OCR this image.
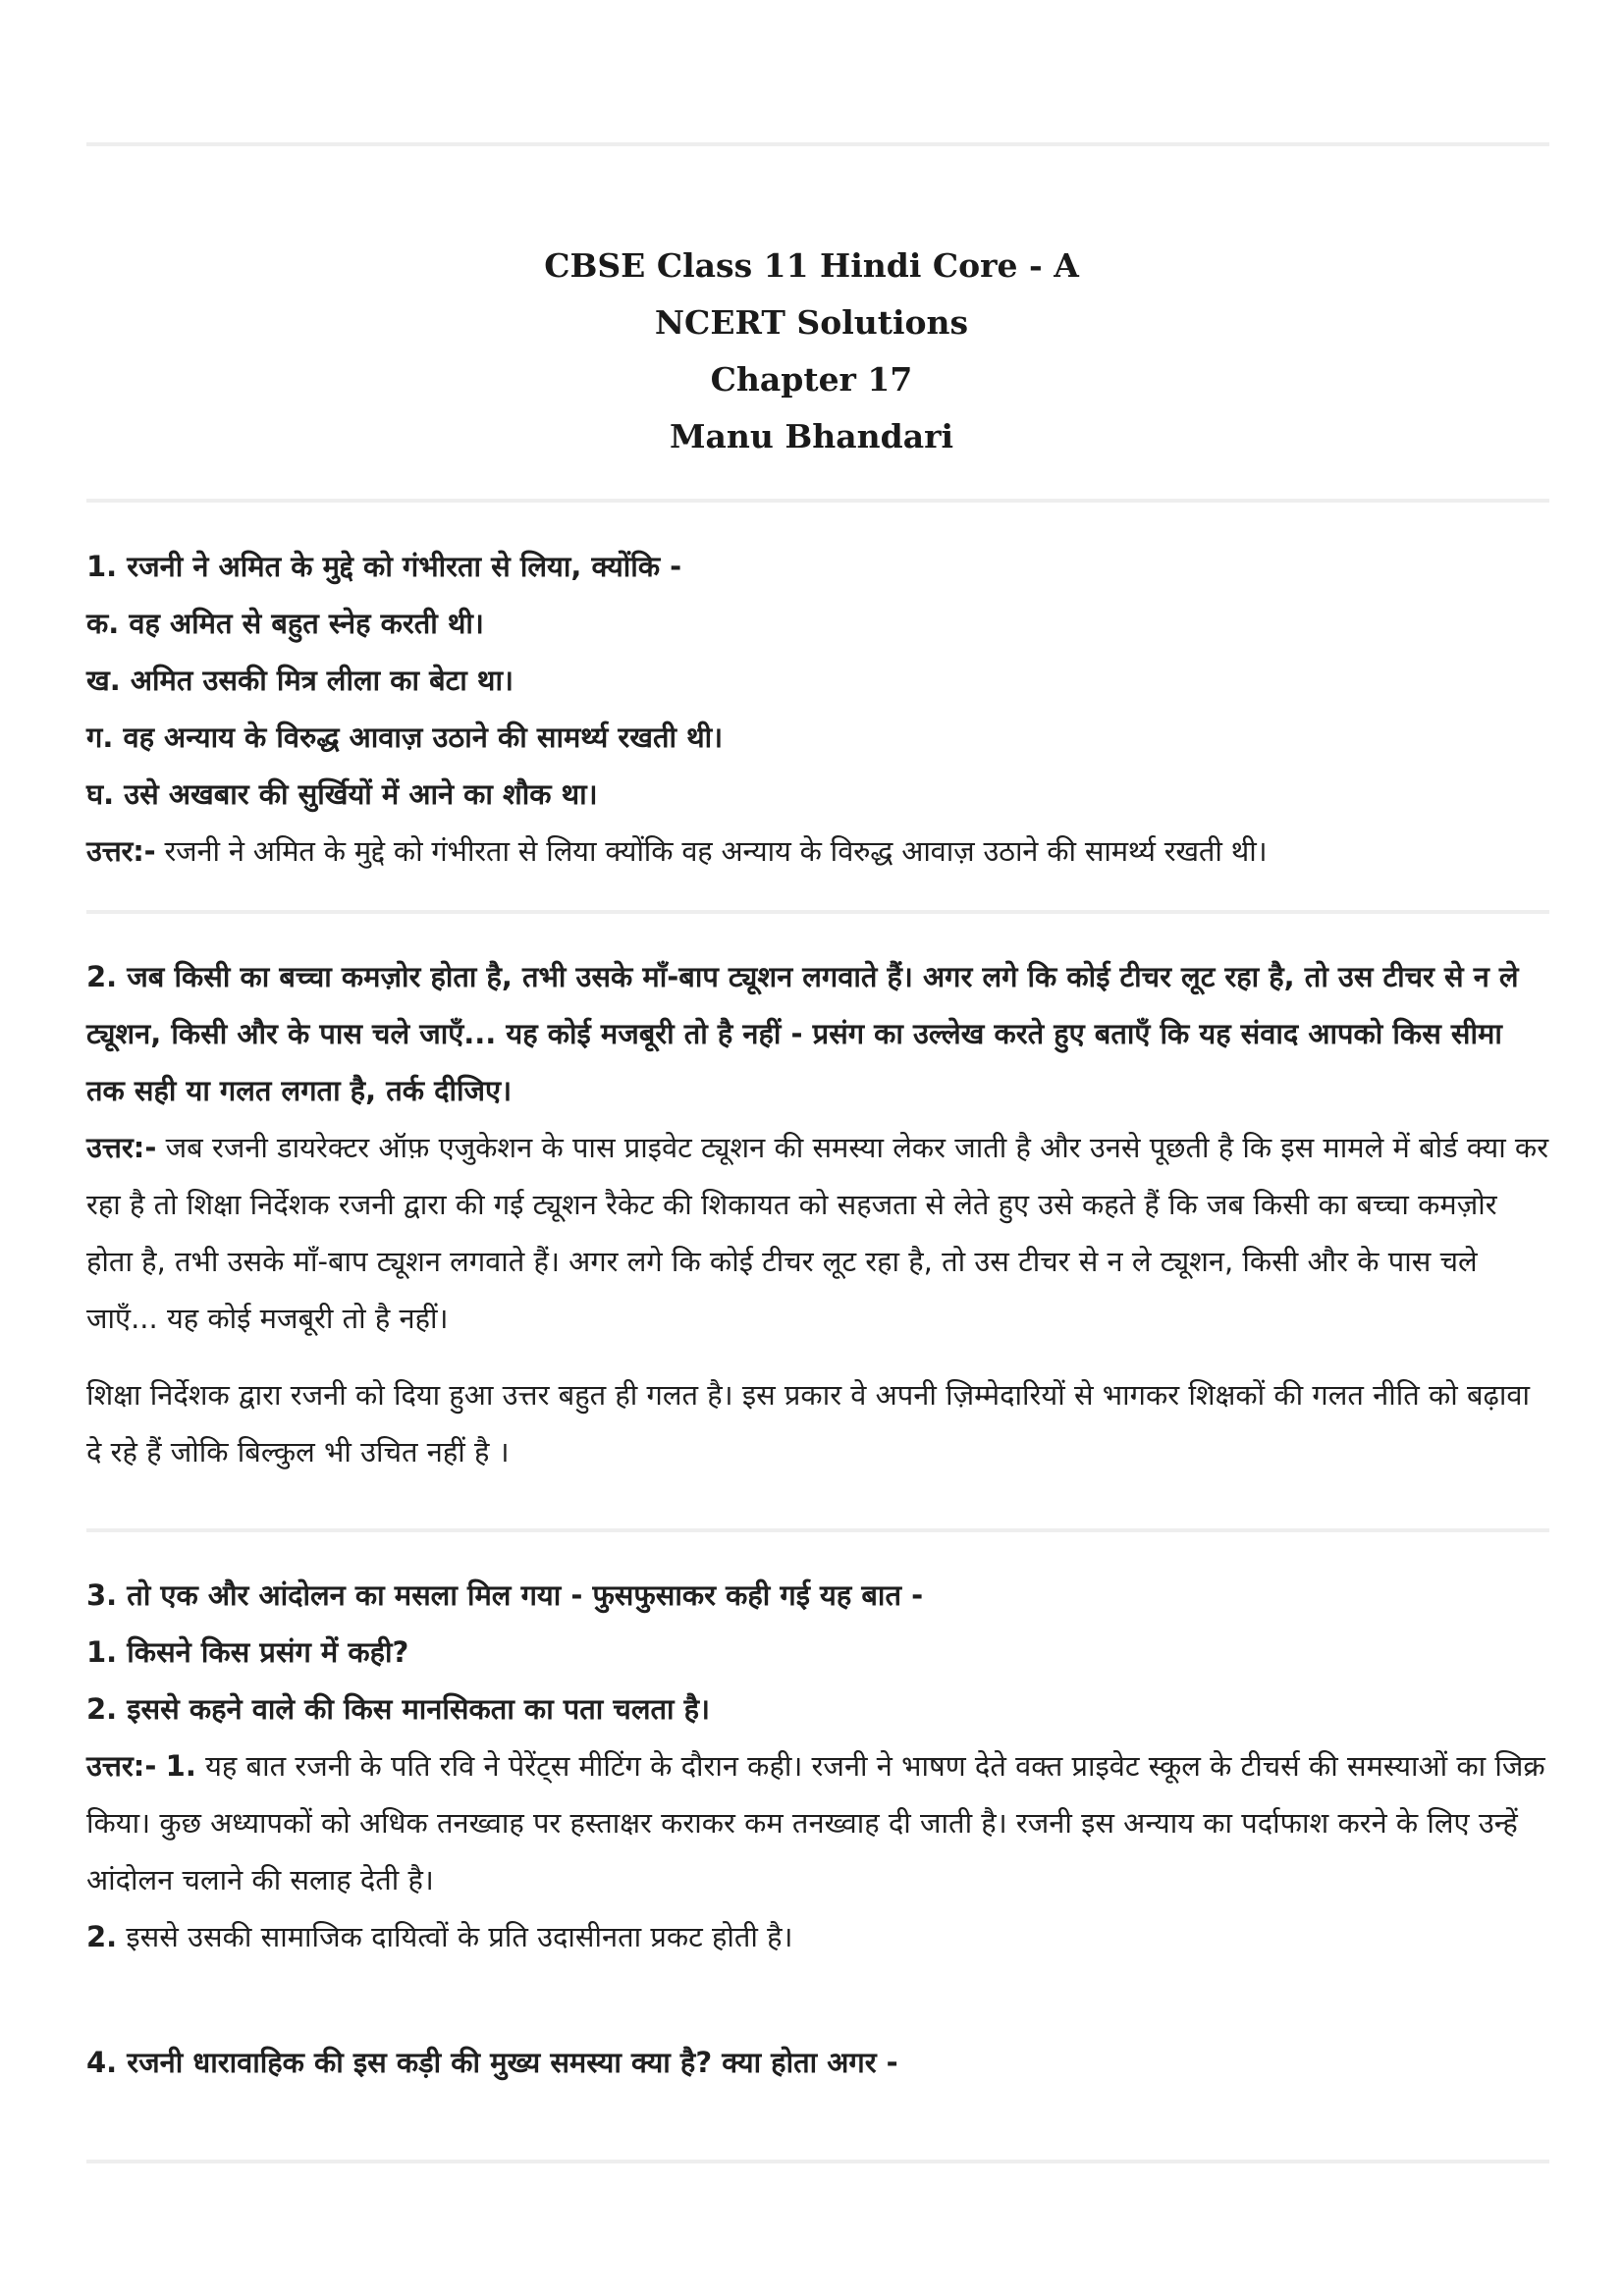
CBSE Class 11 Hindi Core - A
NCERT Solutions
Chapter 17
Manu Bhandari

1. रजनी ने अमित के मुद्दे को गंभीरता से लिया, क्योंकि -

क. वह अमित से बहुत स्नेह करती थी।

ख. अमित उसकी मित्र लीला का बेटा था।

ग. वह अन्याय के विरुद्ध आवाज़ उठाने की सामर्थ्य रखती थी।

घ. उसे अखबार की सुर्खियों में आने का शौक था।

उत्तर:- रजनी ने अमित के मुद्दे को गंभीरता से लिया क्योंकि वह अन्याय के विरुद्ध आवाज़ उठाने की सामर्थ्य रखती थी।

2. जब किसी का बच्चा कमज़ोर होता है, तभी उसके माँ-बाप ट्यूशन लगवाते हैं। अगर लगे कि कोई टीचर लूट रहा है, तो उस टीचर से न ले ट्यूशन, किसी और के पास चले जाएँ... यह कोई मजबूरी तो है नहीं - प्रसंग का उल्लेख करते हुए बताएँ कि यह संवाद आपको किस सीमा तक सही या गलत लगता है, तर्क दीजिए।

उत्तर:- जब रजनी डायरेक्टर ऑफ़ एजुकेशन के पास प्राइवेट ट्यूशन की समस्या लेकर जाती है और उनसे पूछती है कि इस मामले में बोर्ड क्या कर रहा है तो शिक्षा निर्देशक रजनी द्वारा की गई ट्यूशन रैकेट की शिकायत को सहजता से लेते हुए उसे कहते हैं कि जब किसी का बच्चा कमज़ोर होता है, तभी उसके माँ-बाप ट्यूशन लगवाते हैं। अगर लगे कि कोई टीचर लूट रहा है, तो उस टीचर से न ले ट्यूशन, किसी और के पास चले जाएँ... यह कोई मजबूरी तो है नहीं।

शिक्षा निर्देशक द्वारा रजनी को दिया हुआ उत्तर बहुत ही गलत है। इस प्रकार वे अपनी ज़िम्मेदारियों से भागकर शिक्षकों की गलत नीति को बढ़ावा दे रहे हैं जोकि बिल्कुल भी उचित नहीं है ।

3. तो एक और आंदोलन का मसला मिल गया - फुसफुसाकर कही गई यह बात -

1. किसने किस प्रसंग में कही?

2. इससे कहने वाले की किस मानसिकता का पता चलता है।

उत्तर:- 1. यह बात रजनी के पति रवि ने पेरेंट्स मीटिंग के दौरान कही। रजनी ने भाषण देते वक्त प्राइवेट स्कूल के टीचर्स की समस्याओं का जिक्र किया। कुछ अध्यापकों को अधिक तनख्वाह पर हस्ताक्षर कराकर कम तनख्वाह दी जाती है। रजनी इस अन्याय का पर्दाफाश करने के लिए उन्हें आंदोलन चलाने की सलाह देती है।

2. इससे उसकी सामाजिक दायित्वों के प्रति उदासीनता प्रकट होती है।

4. रजनी धारावाहिक की इस कड़ी की मुख्य समस्या क्या है? क्या होता अगर -
